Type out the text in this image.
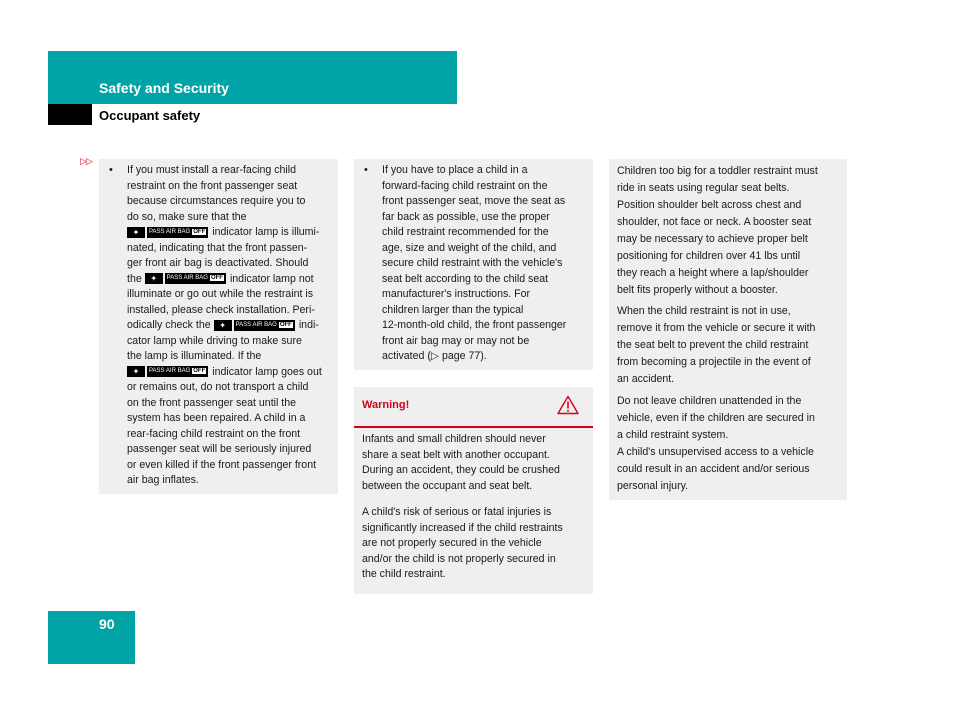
Safety and Security
Occupant safety
▷▷
• If you must install a rear-facing child
restraint on the front passenger seat
because circumstances require you to
do so, make sure that the
✦ PASS AIR BAG OFF indicator lamp is illumi-
nated, indicating that the front passen-
ger front air bag is deactivated. Should
the ✦ PASS AIR BAG OFF indicator lamp not
illuminate or go out while the restraint is
installed, please check installation. Peri-
odically check the ✦ PASS AIR BAG OFF indi-
cator lamp while driving to make sure
the lamp is illuminated. If the
✦ PASS AIR BAG OFF indicator lamp goes out
or remains out, do not transport a child
on the front passenger seat until the
system has been repaired. A child in a
rear-facing child restraint on the front
passenger seat will be seriously injured
or even killed if the front passenger front
air bag inflates.
• If you have to place a child in a
forward-facing child restraint on the
front passenger seat, move the seat as
far back as possible, use the proper
child restraint recommended for the
age, size and weight of the child, and
secure child restraint with the vehicle's
seat belt according to the child seat
manufacturer's instructions. For
children larger than the typical
12-month-old child, the front passenger
front air bag may or may not be
activated (▷ page 77).
Warning!
Infants and small children should never
share a seat belt with another occupant.
During an accident, they could be crushed
between the occupant and seat belt.
A child's risk of serious or fatal injuries is
significantly increased if the child restraints
are not properly secured in the vehicle
and/or the child is not properly secured in
the child restraint.
Children too big for a toddler restraint must
ride in seats using regular seat belts.
Position shoulder belt across chest and
shoulder, not face or neck. A booster seat
may be necessary to achieve proper belt
positioning for children over 41 lbs until
they reach a height where a lap/shoulder
belt fits properly without a booster.
When the child restraint is not in use,
remove it from the vehicle or secure it with
the seat belt to prevent the child restraint
from becoming a projectile in the event of
an accident.
Do not leave children unattended in the
vehicle, even if the children are secured in
a child restraint system.
A child's unsupervised access to a vehicle
could result in an accident and/or serious
personal injury.
90
